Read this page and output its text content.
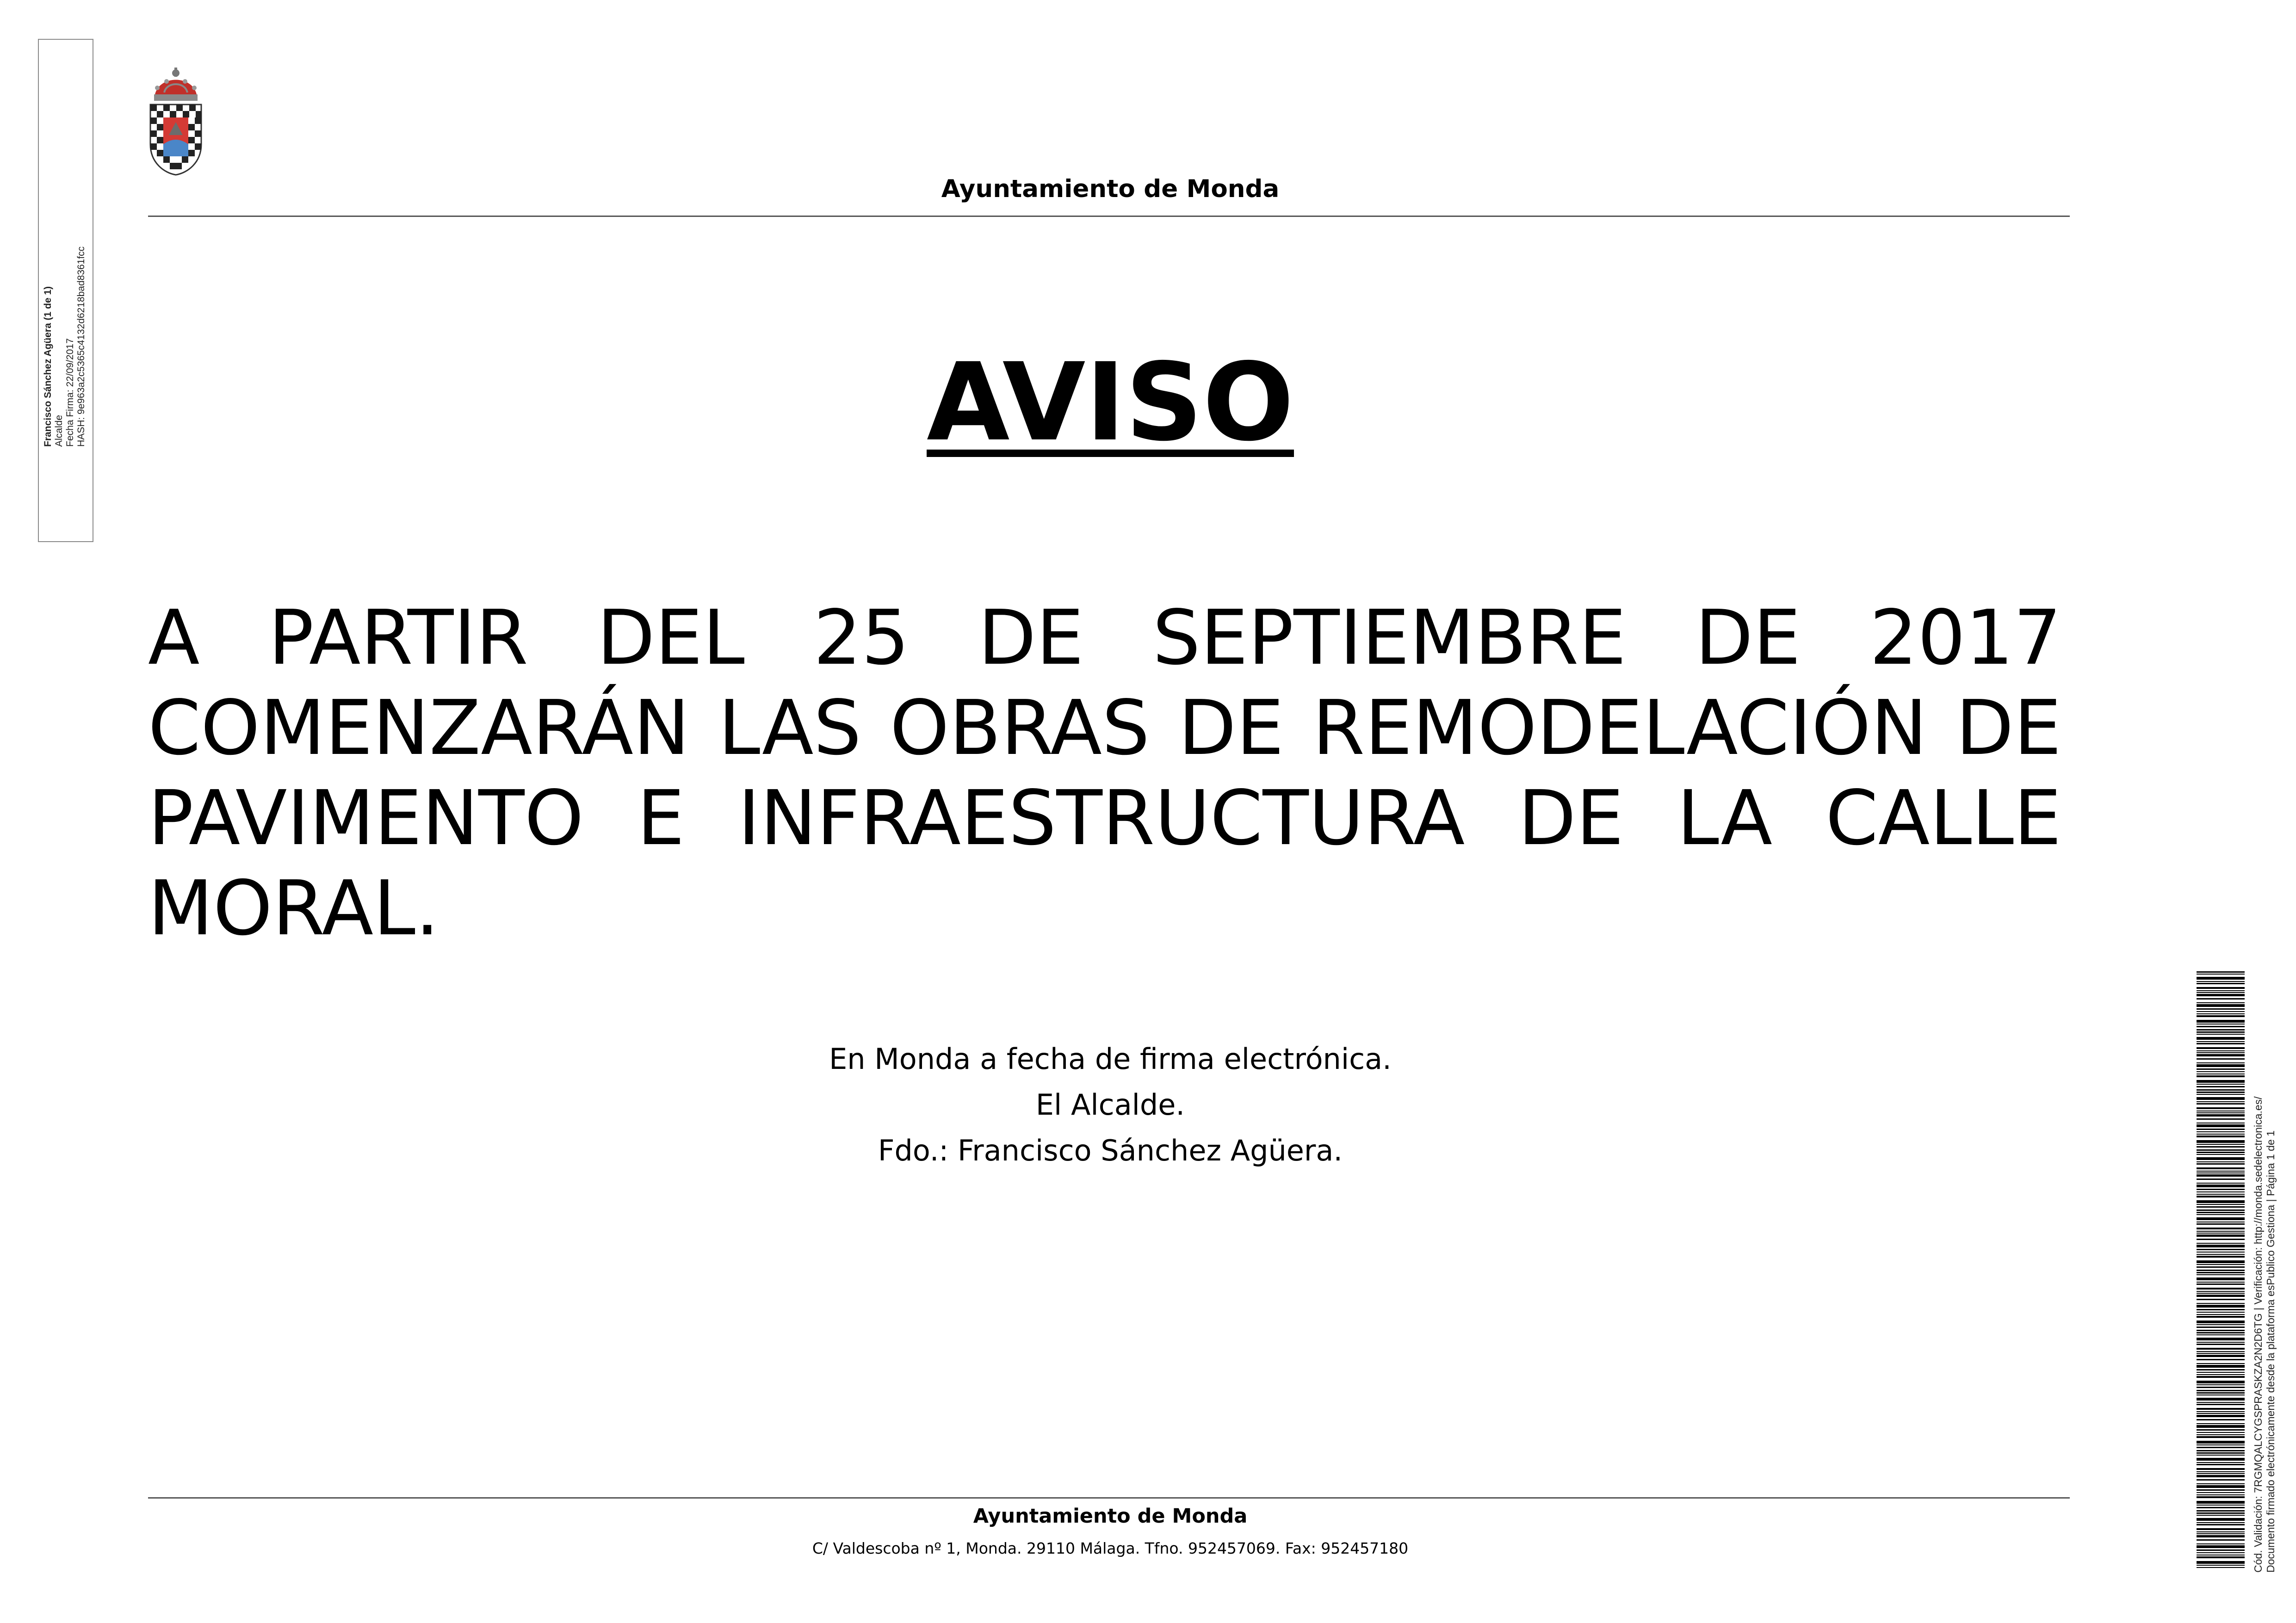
Francisco Sánchez Agüera (1 de 1) Alcalde Fecha Firma: 22/09/2017 HASH: 9e963a2c5365c4132d6218bad8361fcc
Ayuntamiento de Monda
AVISO
A PARTIR DEL 25 DE SEPTIEMBRE DE 2017 COMENZARÁN LAS OBRAS DE REMODELACIÓN DE PAVIMENTO E INFRAESTRUCTURA DE LA CALLE MORAL.
En Monda a fecha de firma electrónica.
El Alcalde.
Fdo.: Francisco Sánchez Agüera.
Ayuntamiento de Monda
C/ Valdescoba nº 1, Monda. 29110 Málaga. Tfno. 952457069. Fax: 952457180	Cód. Validación: 7RGMQALCYGSPRASKZA2N2D6TG | Verificación: http://monda.sedelectronica.es/ Documento firmado electrónicamente desde la plataforma esPublico Gestiona | Página 1 de 1
